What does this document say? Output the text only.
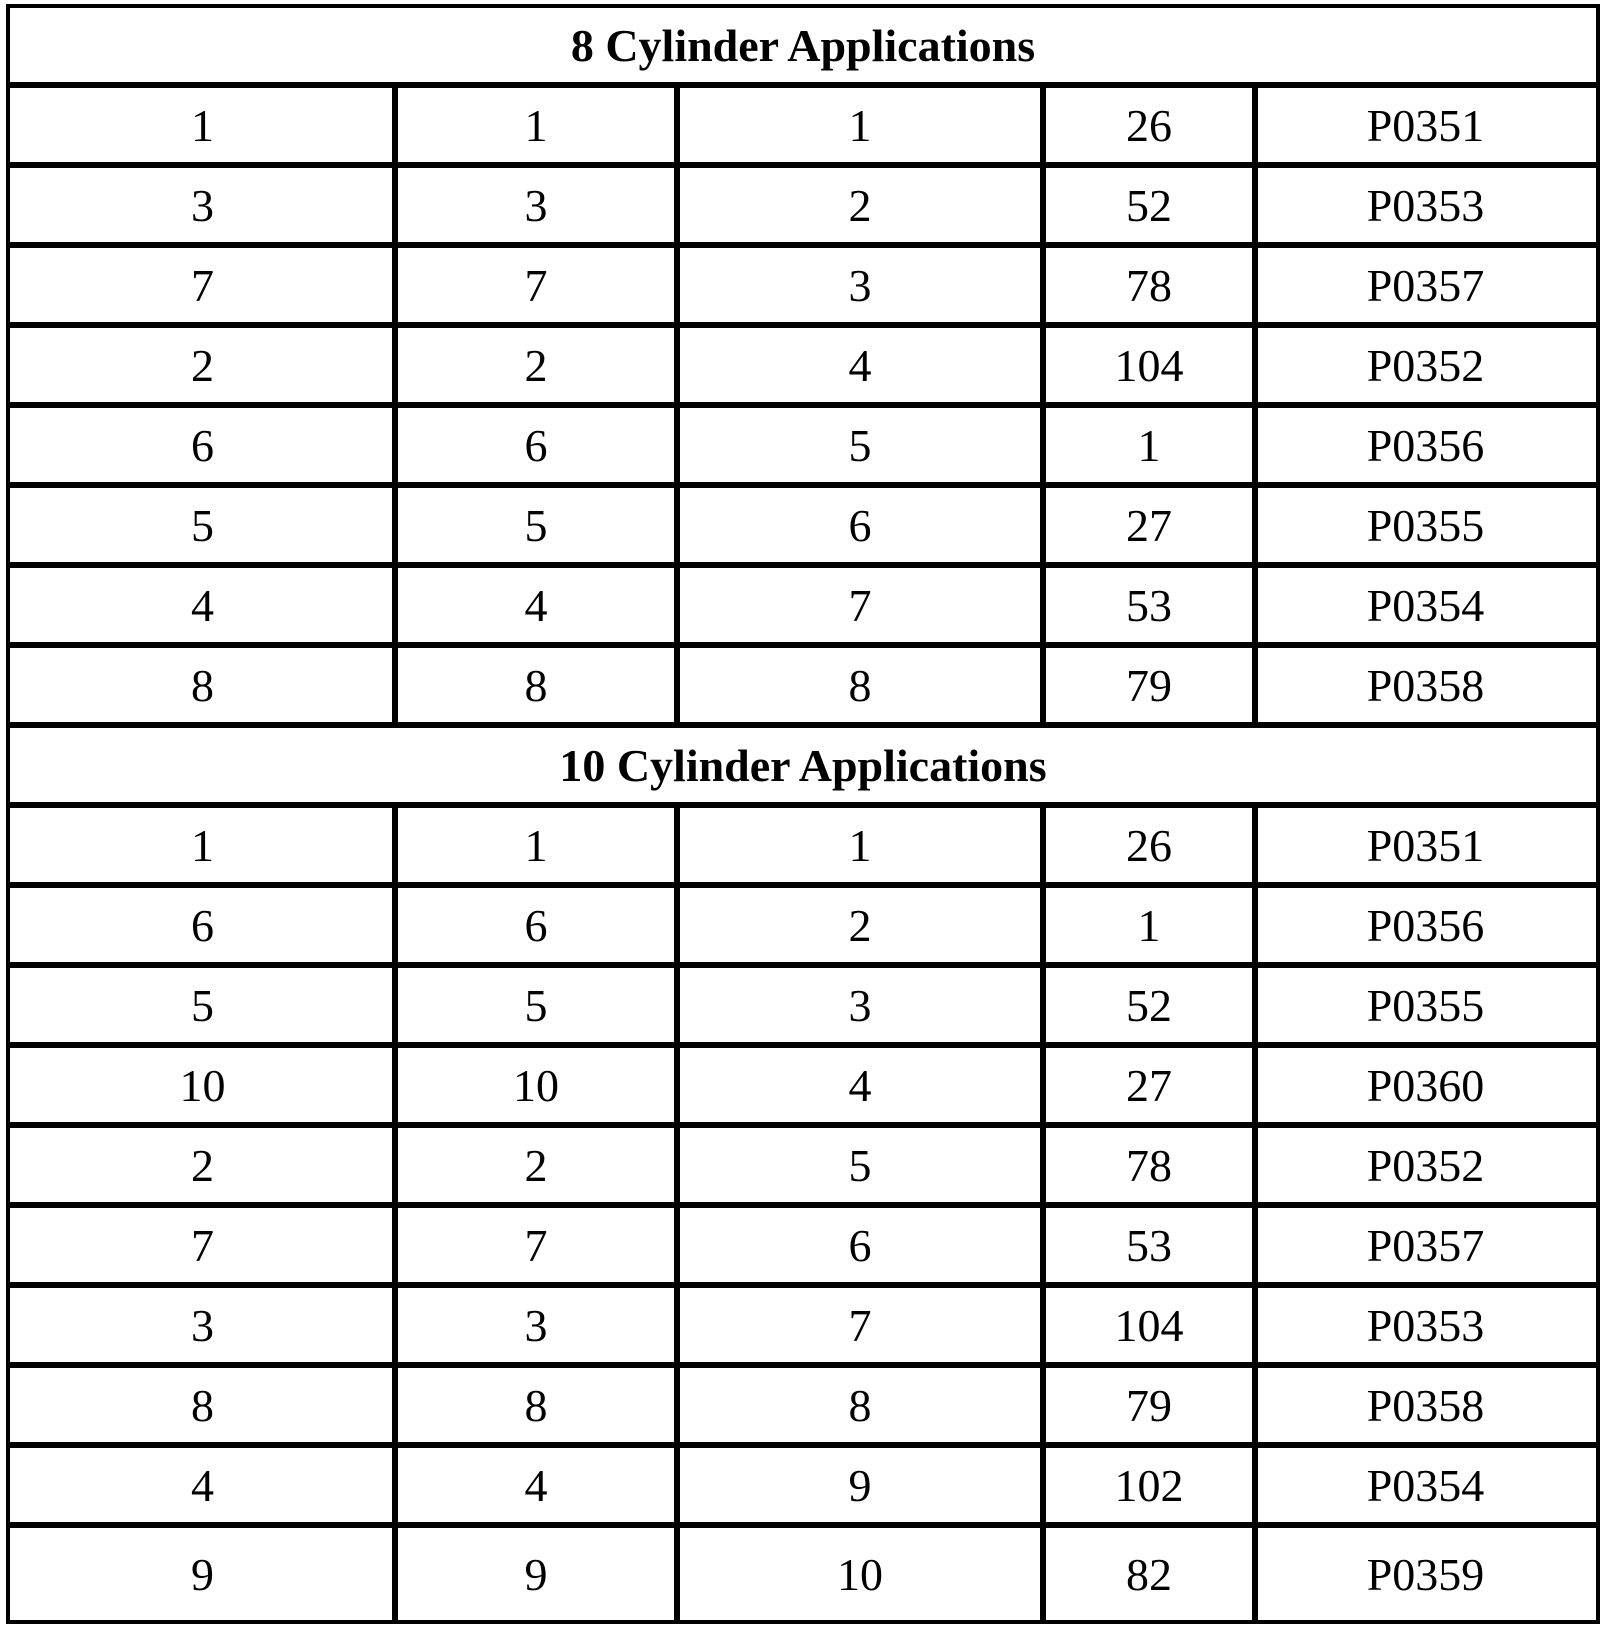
8 Cylinder Applications
1	1	1	26	P0351
3	3	2	52	P0353
7	7	3	78	P0357
2	2	4	104	P0352
6	6	5	1	P0356
5	5	6	27	P0355
4	4	7	53	P0354
8	8	8	79	P0358
10 Cylinder Applications
1	1	1	26	P0351
6	6	2	1	P0356
5	5	3	52	P0355
10	10	4	27	P0360
2	2	5	78	P0352
7	7	6	53	P0357
3	3	7	104	P0353
8	8	8	79	P0358
4	4	9	102	P0354
9	9	10	82	P0359
